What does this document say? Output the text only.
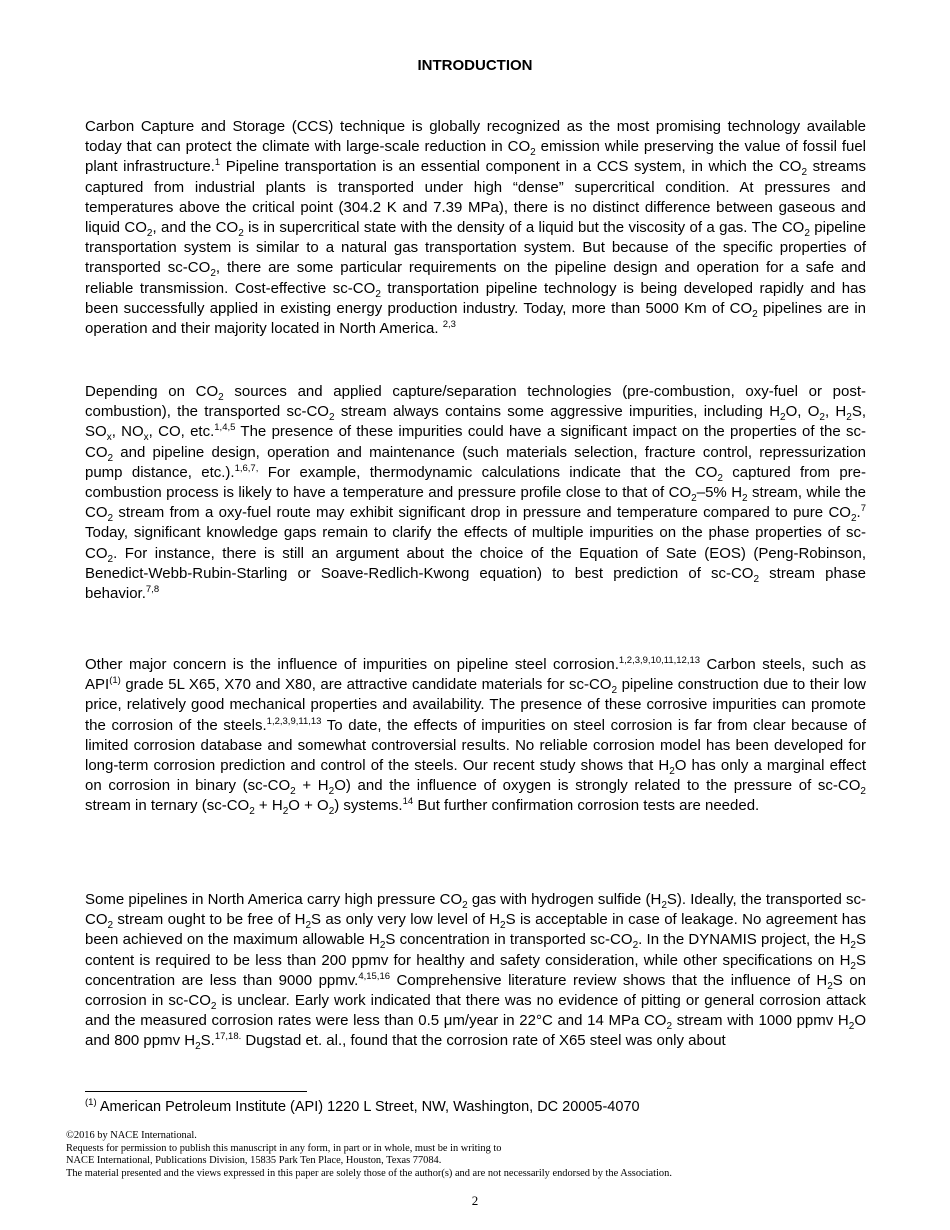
INTRODUCTION

Carbon Capture and Storage (CCS) technique is globally recognized as the most promising technology available today that can protect the climate with large-scale reduction in $CO_2$ emission while preserving the value of fossil fuel plant infrastructure.$^1$ Pipeline transportation is an essential component in a CCS system, in which the $CO_2$ streams captured from industrial plants is transported under high “dense” supercritical condition. At pressures and temperatures above the critical point (304.2 K and 7.39 MPa), there is no distinct difference between gaseous and liquid $CO_2$, and the $CO_2$ is in supercritical state with the density of a liquid but the viscosity of a gas. The $CO_2$ pipeline transportation system is similar to a natural gas transportation system. But because of the specific properties of transported $sc-CO_2$, there are some particular requirements on the pipeline design and operation for a safe and reliable transmission. Cost-effective $sc-CO_2$ transportation pipeline technology is being developed rapidly and has been successfully applied in existing energy production industry. Today, more than 5000 Km of $CO_2$ pipelines are in operation and their majority located in North America. $^{2,3}$

Depending on $CO_2$ sources and applied capture/separation technologies (pre-combustion, oxy-fuel or post-combustion), the transported $sc-CO_2$ stream always contains some aggressive impurities, including $H_2O$, $O_2$, $H_2S$, $SO_x$, $NO_x$, CO, etc.$^{1,4,5}$ The presence of these impurities could have a significant impact on the properties of the $sc-CO_2$ and pipeline design, operation and maintenance (such materials selection, fracture control, repressurization pump distance, etc.).$^{1,6,7,}$ For example, thermodynamic calculations indicate that the $CO_2$ captured from pre-combustion process is likely to have a temperature and pressure profile close to that of $CO_2-5\%$ $H_2$ stream, while the $CO_2$ stream from a oxy-fuel route may exhibit significant drop in pressure and temperature compared to pure $CO_2.^7$ Today, significant knowledge gaps remain to clarify the effects of multiple impurities on the phase properties of $sc-CO_2$. For instance, there is still an argument about the choice of the Equation of Sate (EOS) (Peng-Robinson, Benedict-Webb-Rubin-Starling or Soave-Redlich-Kwong equation) to best prediction of $sc-CO_2$ stream phase behavior.$^{7,8}$

Other major concern is the influence of impurities on pipeline steel corrosion.$^{1,2,3,9,10,11,12,13}$ Carbon steels, such as API$^{(1)}$ grade 5L X65, X70 and X80, are attractive candidate materials for $sc-CO_2$ pipeline construction due to their low price, relatively good mechanical properties and availability. The presence of these corrosive impurities can promote the corrosion of the steels.$^{1,2,3,9,11,13}$ To date, the effects of impurities on steel corrosion is far from clear because of limited corrosion database and somewhat controversial results. No reliable corrosion model has been developed for long-term corrosion prediction and control of the steels. Our recent study shows that $H_2O$ has only a marginal effect on corrosion in binary $(sc-CO_2 + H_2O)$ and the influence of oxygen is strongly related to the pressure of $sc-CO_2$ stream in ternary $(sc-CO_2 + H_2O + O_2)$ systems.$^{14}$ But further confirmation corrosion tests are needed.

Some pipelines in North America carry high pressure $CO_2$ gas with hydrogen sulfide $(H_2S)$. Ideally, the transported $sc-CO_2$ stream ought to be free of $H_2S$ as only very low level of $H_2S$ is acceptable in case of leakage. No agreement has been achieved on the maximum allowable $H_2S$ concentration in transported $sc-CO_2$. In the DYNAMIS project, the $H_2S$ content is required to be less than 200 ppmv for healthy and safety consideration, while other specifications on $H_2S$ concentration are less than 9000 ppmv.$^{4,15,16}$ Comprehensive literature review shows that the influence of $H_2S$ on corrosion in $sc-CO_2$ is unclear. Early work indicated that there was no evidence of pitting or general corrosion attack and the measured corrosion rates were less than 0.5 μm/year in 22°C and 14 MPa $CO_2$ stream with 1000 ppmv $H_2O$ and 800 ppmv $H_2S.^{17,18.}$ Dugstad et. al., found that the corrosion rate of X65 steel was only about

$^{(1)}$ American Petroleum Institute (API) 1220 L Street, NW, Washington, DC 20005-4070
©2016 by NACE International.
Requests for permission to publish this manuscript in any form, in part or in whole, must be in writing to
NACE International, Publications Division, 15835 Park Ten Place, Houston, Texas 77084.
The material presented and the views expressed in this paper are solely those of the author(s) and are not necessarily endorsed by the Association.
2
